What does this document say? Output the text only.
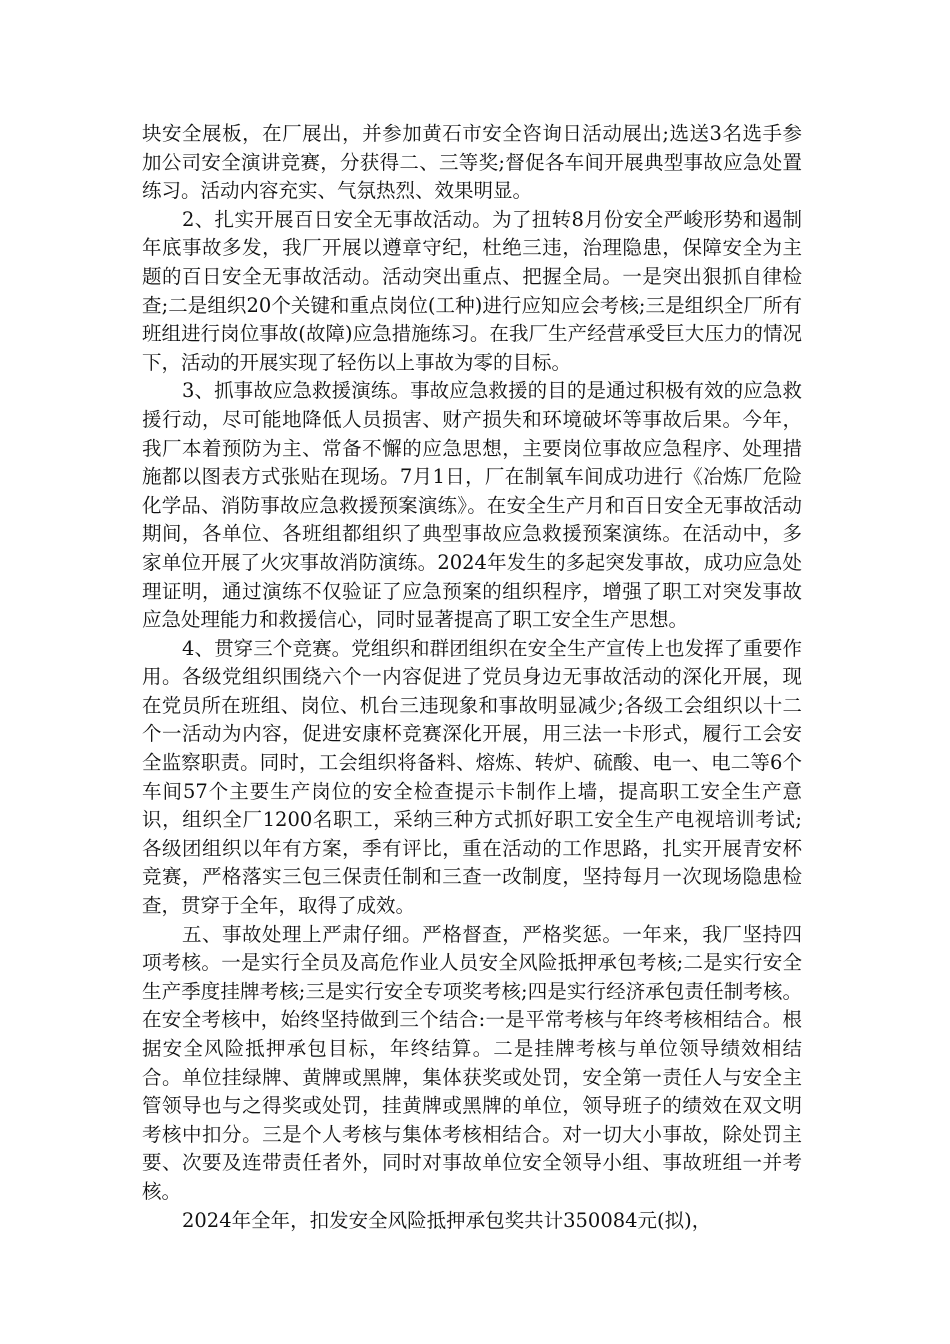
块安全展板，在厂展出，并参加黄石市安全咨询日活动展出;选送3名选手参加公司安全演讲竞赛，分获得二、三等奖;督促各车间开展典型事故应急处置练习。活动内容充实、气氛热烈、效果明显。

2、扎实开展百日安全无事故活动。为了扭转8月份安全严峻形势和遏制年底事故多发，我厂开展以遵章守纪，杜绝三违，治理隐患，保障安全为主题的百日安全无事故活动。活动突出重点、把握全局。一是突出狠抓自律检查;二是组织20个关键和重点岗位(工种)进行应知应会考核;三是组织全厂所有班组进行岗位事故(故障)应急措施练习。在我厂生产经营承受巨大压力的情况下，活动的开展实现了轻伤以上事故为零的目标。

3、抓事故应急救援演练。事故应急救援的目的是通过积极有效的应急救援行动，尽可能地降低人员损害、财产损失和环境破坏等事故后果。今年，我厂本着预防为主、常备不懈的应急思想，主要岗位事故应急程序、处理措施都以图表方式张贴在现场。7月1日，厂在制氧车间成功进行《冶炼厂危险化学品、消防事故应急救援预案演练》。在安全生产月和百日安全无事故活动期间，各单位、各班组都组织了典型事故应急救援预案演练。在活动中，多家单位开展了火灾事故消防演练。2024年发生的多起突发事故，成功应急处理证明，通过演练不仅验证了应急预案的组织程序，增强了职工对突发事故应急处理能力和救援信心，同时显著提高了职工安全生产思想。

4、贯穿三个竞赛。党组织和群团组织在安全生产宣传上也发挥了重要作用。各级党组织围绕六个一内容促进了党员身边无事故活动的深化开展，现在党员所在班组、岗位、机台三违现象和事故明显减少;各级工会组织以十二个一活动为内容，促进安康杯竞赛深化开展，用三法一卡形式，履行工会安全监察职责。同时，工会组织将备料、熔炼、转炉、硫酸、电一、电二等6个车间57个主要生产岗位的安全检查提示卡制作上墙，提高职工安全生产意识，组织全厂1200名职工，采纳三种方式抓好职工安全生产电视培训考试;各级团组织以年有方案，季有评比，重在活动的工作思路，扎实开展青安杯竞赛，严格落实三包三保责任制和三查一改制度，坚持每月一次现场隐患检查，贯穿于全年，取得了成效。

五、事故处理上严肃仔细。严格督查，严格奖惩。一年来，我厂坚持四项考核。一是实行全员及高危作业人员安全风险抵押承包考核;二是实行安全生产季度挂牌考核;三是实行安全专项奖考核;四是实行经济承包责任制考核。在安全考核中，始终坚持做到三个结合:一是平常考核与年终考核相结合。根据安全风险抵押承包目标，年终结算。二是挂牌考核与单位领导绩效相结合。单位挂绿牌、黄牌或黑牌，集体获奖或处罚，安全第一责任人与安全主管领导也与之得奖或处罚，挂黄牌或黑牌的单位，领导班子的绩效在双文明考核中扣分。三是个人考核与集体考核相结合。对一切大小事故，除处罚主要、次要及连带责任者外，同时对事故单位安全领导小组、事故班组一并考核。

2024年全年，扣发安全风险抵押承包奖共计350084元(拟)，
